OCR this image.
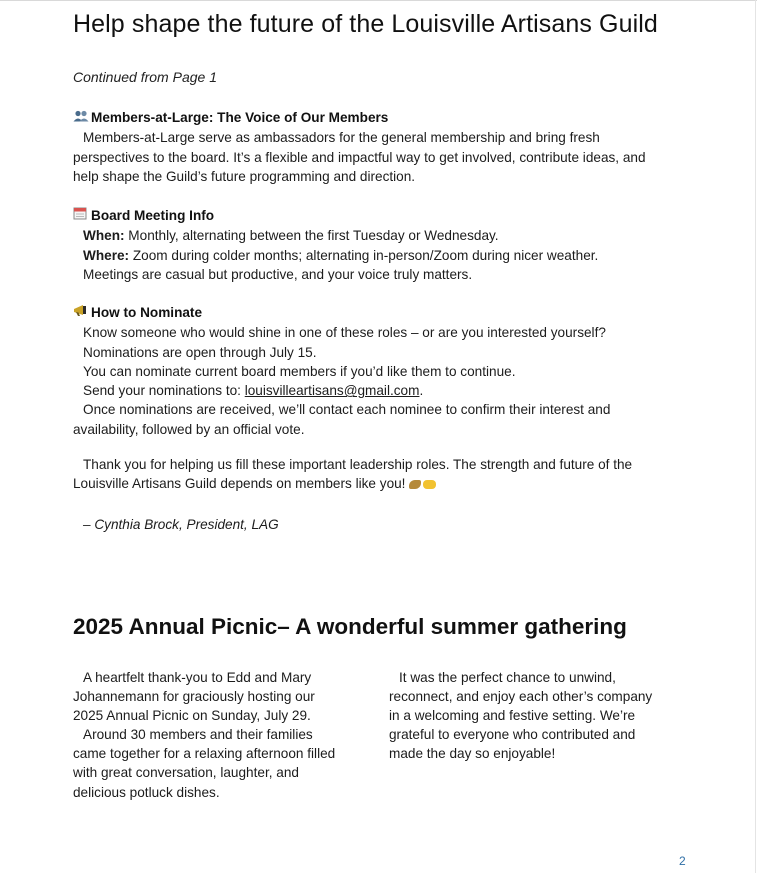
Help shape the future of the Louisville Artisans Guild
Continued from Page 1
Members-at-Large: The Voice of Our Members
Members-at-Large serve as ambassadors for the general membership and bring fresh
perspectives to the board. It’s a flexible and impactful way to get involved, contribute ideas, and
help shape the Guild’s future programming and direction.
Board Meeting Info
When: Monthly, alternating between the first Tuesday or Wednesday.
Where: Zoom during colder months; alternating in-person/Zoom during nicer weather.
Meetings are casual but productive, and your voice truly matters.
How to Nominate
Know someone who would shine in one of these roles – or are you interested yourself?
Nominations are open through July 15.
You can nominate current board members if you’d like them to continue.
Send your nominations to: louisvilleartisans@gmail.com.
Once nominations are received, we’ll contact each nominee to confirm their interest and
availability, followed by an official vote.
Thank you for helping us fill these important leadership roles. The strength and future of the
Louisville Artisans Guild depends on members like you!
– Cynthia Brock, President, LAG
2025 Annual Picnic– A wonderful summer gathering
A heartfelt thank-you to Edd and Mary
Johannemann for graciously hosting our
2025 Annual Picnic on Sunday, July 29.
Around 30 members and their families
came together for a relaxing afternoon filled
with great conversation, laughter, and
delicious potluck dishes.
It was the perfect chance to unwind,
reconnect, and enjoy each other’s company
in a welcoming and festive setting. We’re
grateful to everyone who contributed and
made the day so enjoyable!
2
